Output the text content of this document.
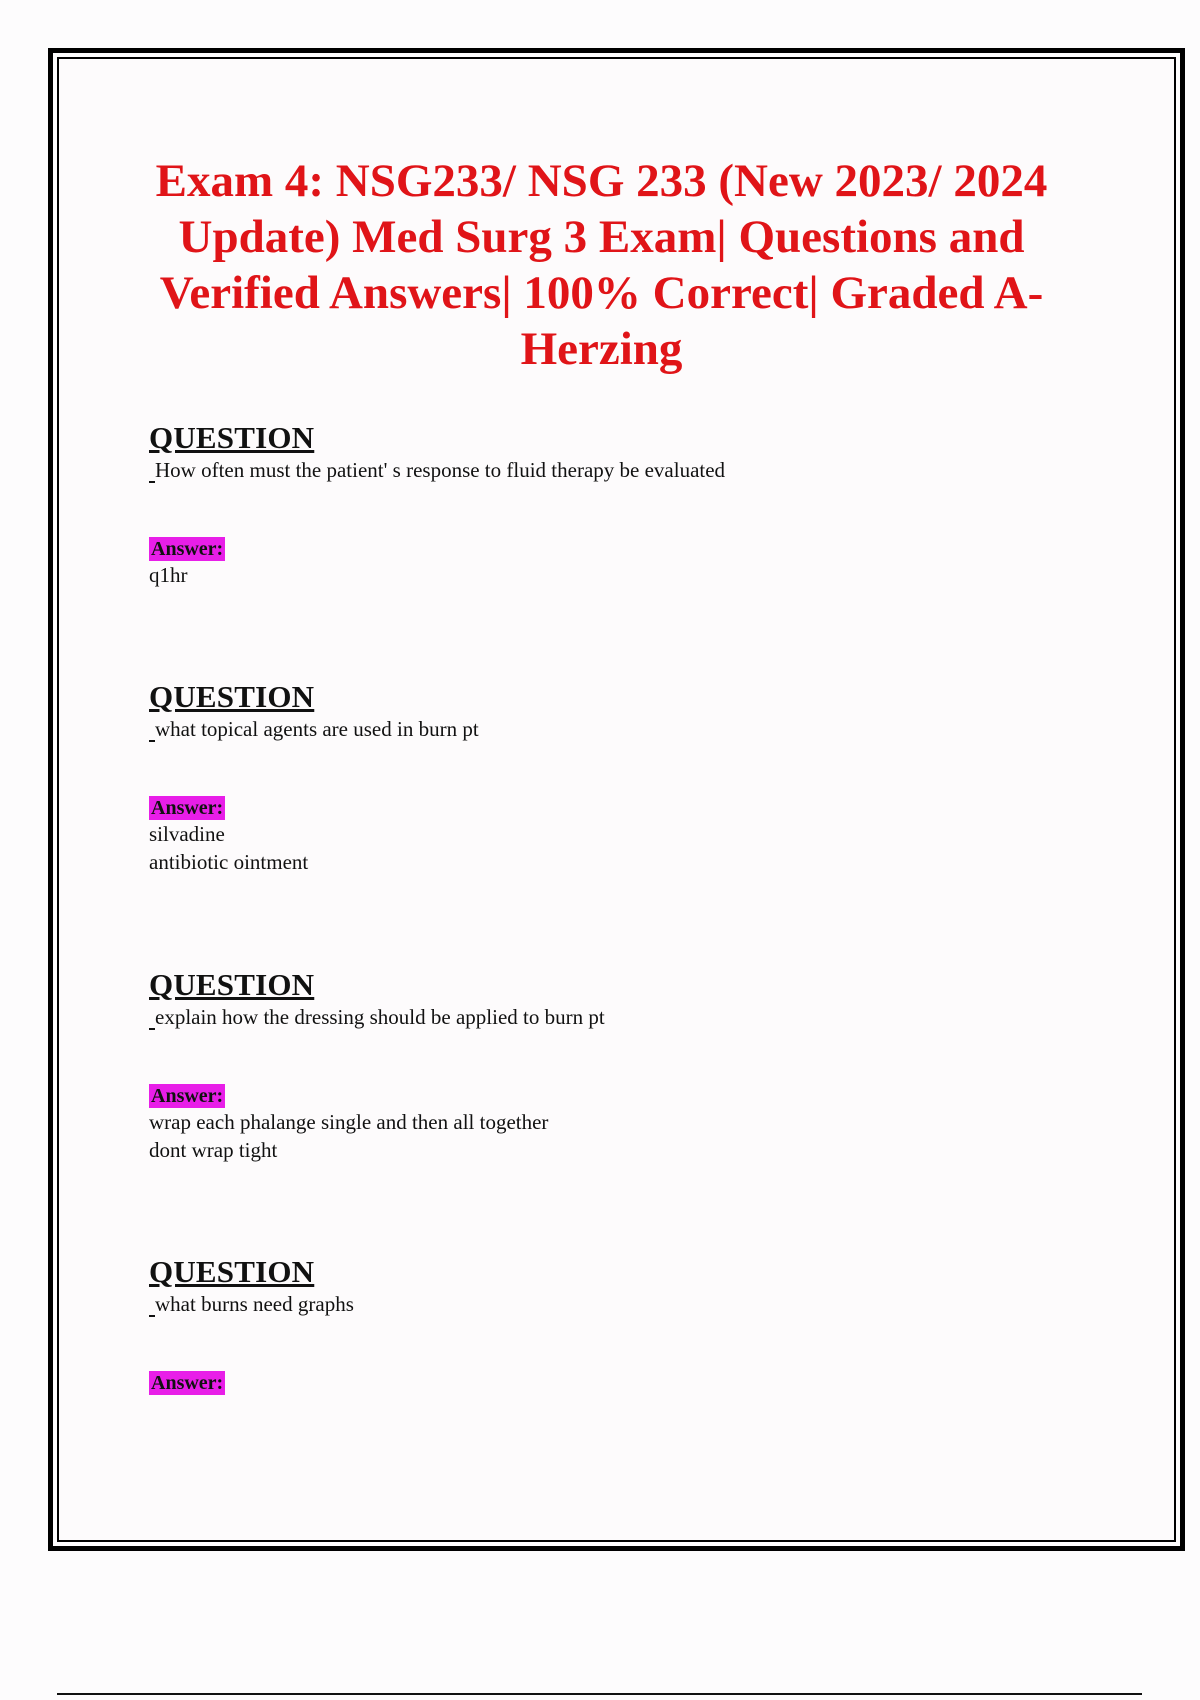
Exam 4: NSG233/ NSG 233 (New 2023/ 2024 Update) Med Surg 3 Exam| Questions and Verified Answers| 100% Correct| Graded A- Herzing

QUESTION

How often must the patient' s response to fluid therapy be evaluated

Answer:

q1hr

QUESTION

what topical agents are used in burn pt

Answer:

silvadine

antibiotic ointment

QUESTION

explain how the dressing should be applied to burn pt

Answer:

wrap each phalange single and then all together

dont wrap tight

QUESTION

what burns need graphs

Answer:
